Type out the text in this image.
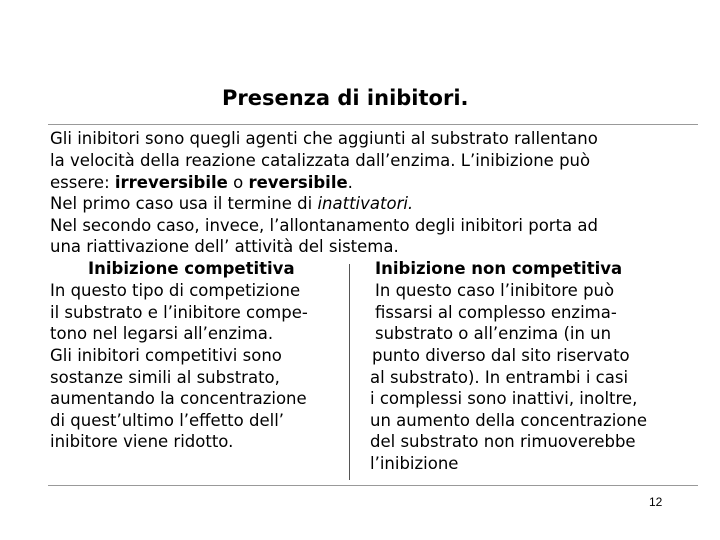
Presenza di inibitori.
Gli inibitori sono quegli agenti che aggiunti al substrato rallentano
la velocità della reazione catalizzata dall’enzima. L’inibizione può
essere: irreversibile o reversibile.
Nel primo caso usa il termine di inattivatori.
Nel secondo caso, invece, l’allontanamento degli inibitori porta ad
una riattivazione dell’ attività del sistema.
Inibizione competitiva	Inibizione non competitiva
In questo tipo di competizione
il substrato e l’inibitore compe-
tono nel legarsi all’enzima.
Gli inibitori competitivi sono
sostanze simili al substrato,
aumentando la concentrazione
di quest’ultimo l’effetto dell’
inibitore viene ridotto.
In questo caso l’inibitore può
fissarsi al complesso enzima-
substrato o all’enzima (in un
punto diverso dal sito riservato
al substrato). In entrambi i casi
i complessi sono inattivi, inoltre,
un aumento della concentrazione
del substrato non rimuoverebbe
l’inibizione
12
